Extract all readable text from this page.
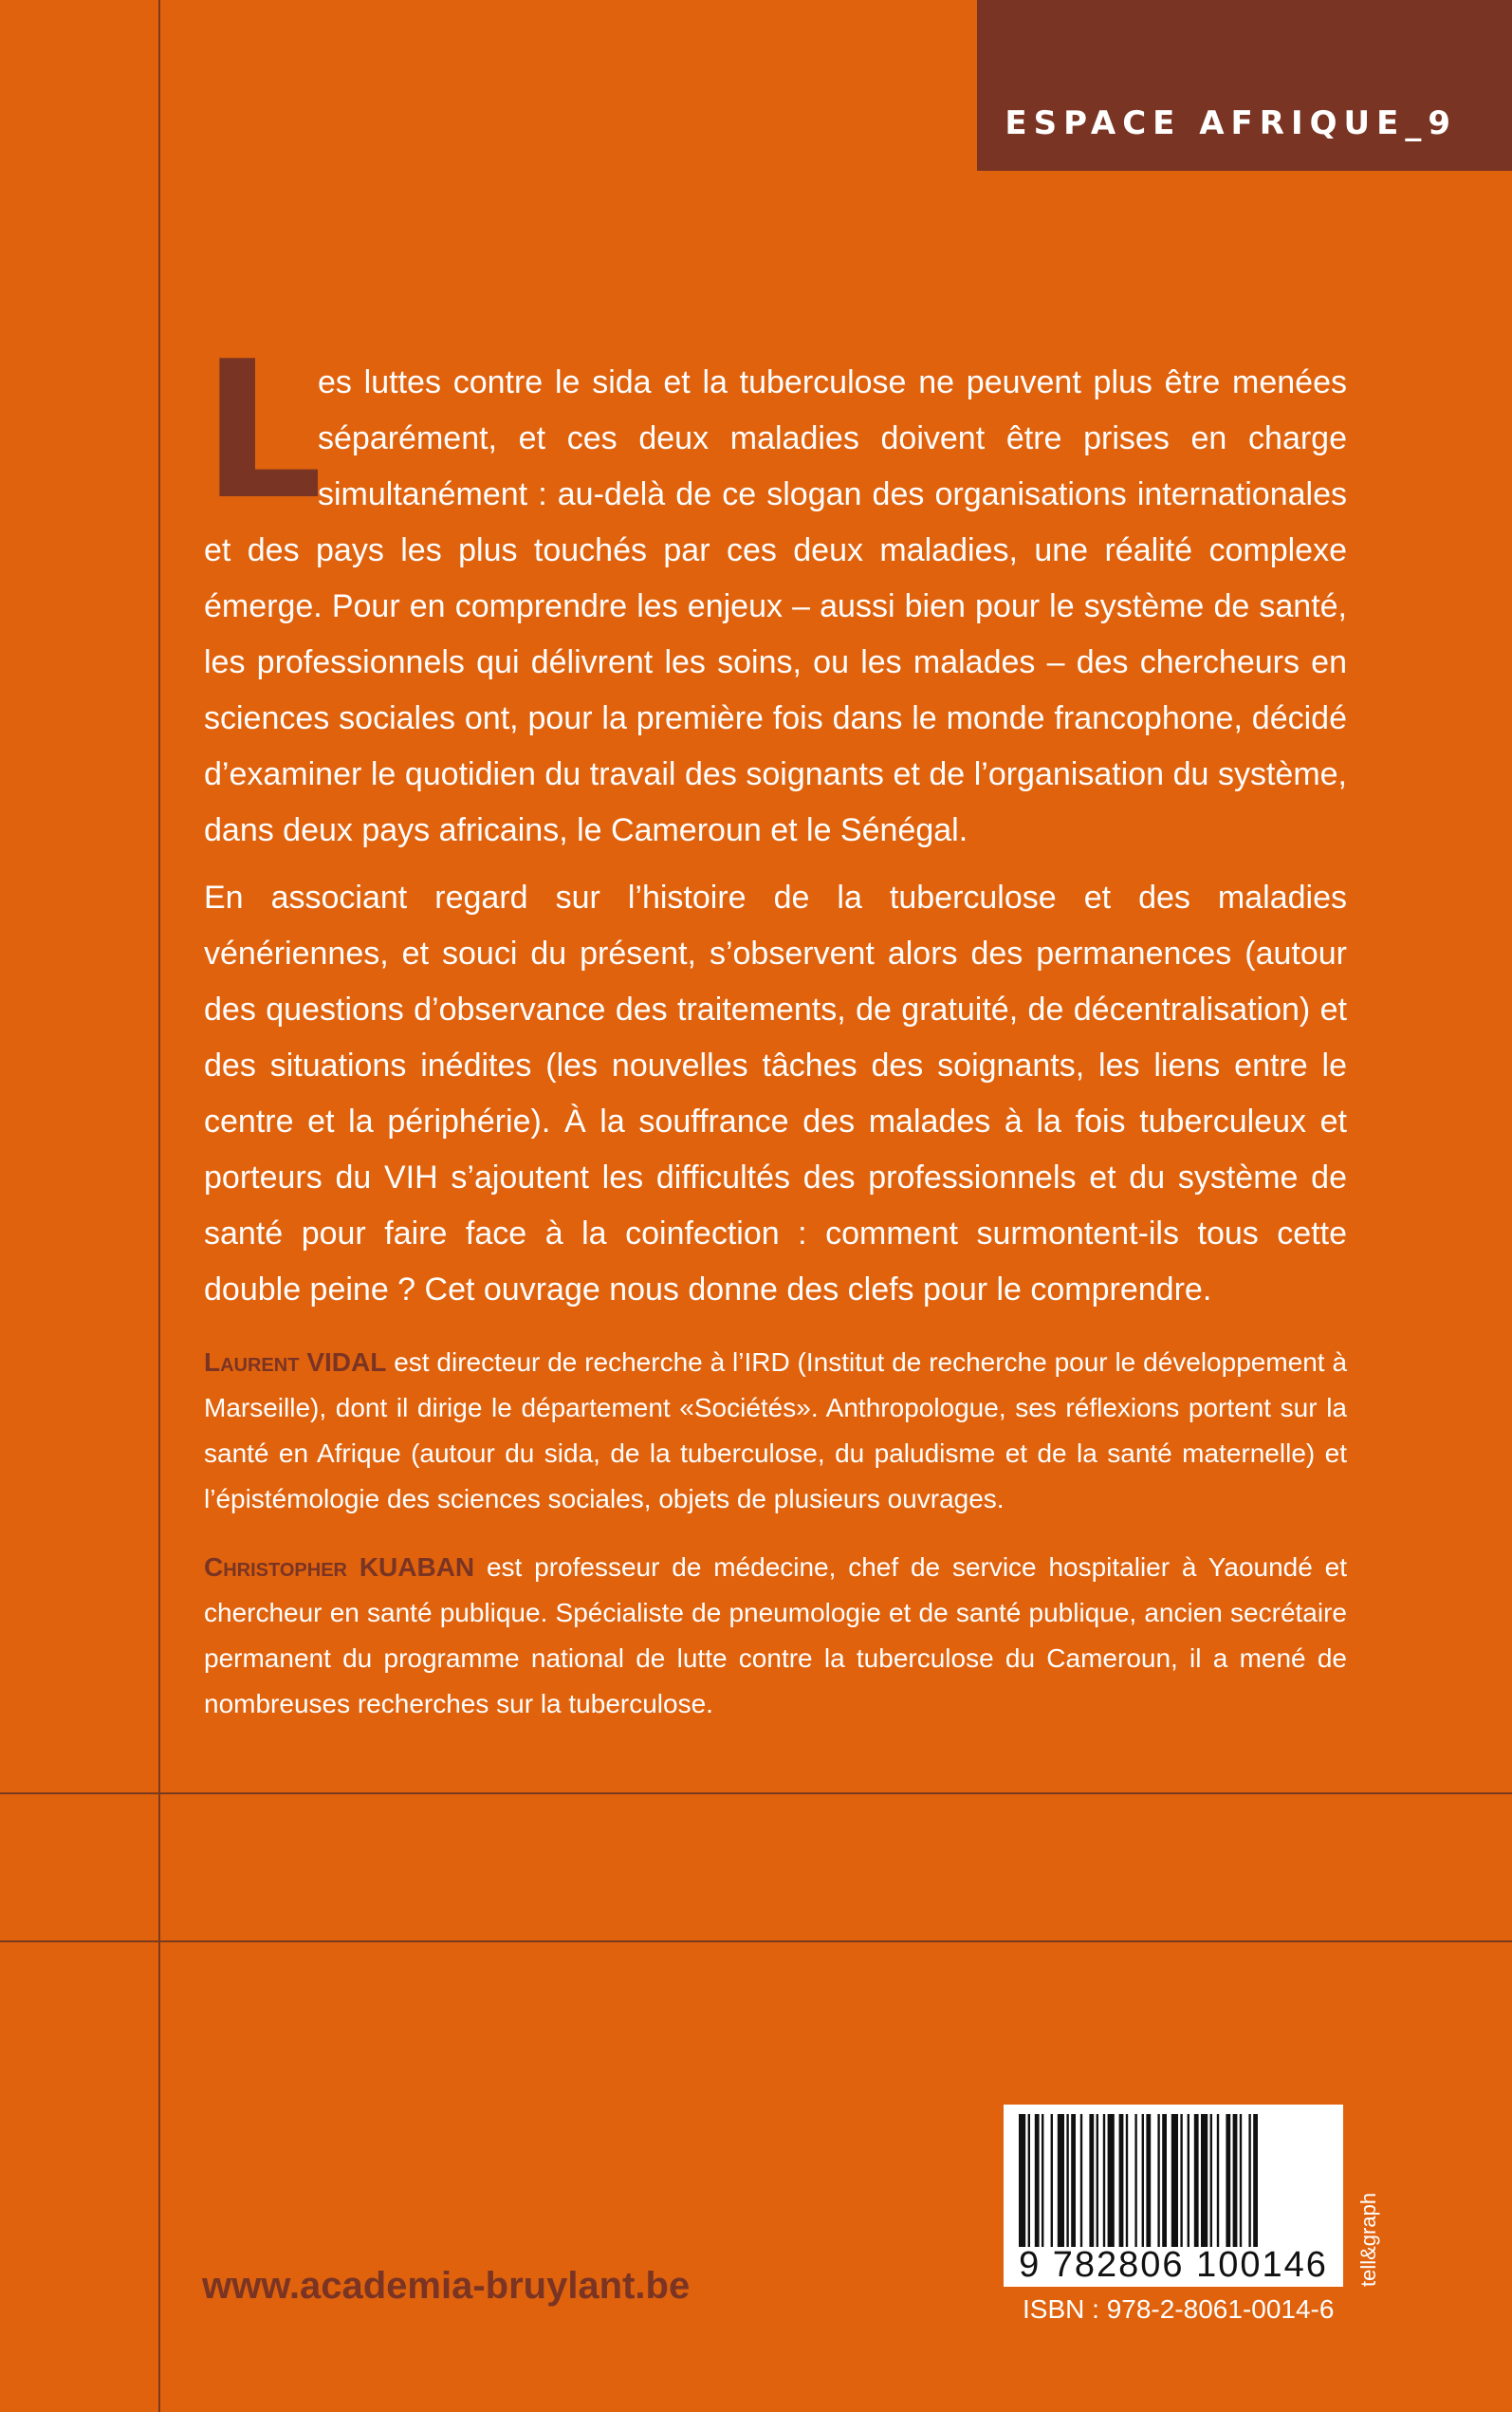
ESPACE AFRIQUE_9
L
es luttes contre le sida et la tuberculose ne peuvent plus être menées séparément, et ces deux maladies doivent être prises en charge simultanément : au-delà de ce slogan des organisations internationales et des pays les plus touchés par ces deux maladies, une réalité complexe émerge. Pour en comprendre les enjeux – aussi bien pour le système de santé, les professionnels qui délivrent les soins, ou les malades – des chercheurs en sciences sociales ont, pour la première fois dans le monde francophone, décidé d’examiner le quotidien du travail des soignants et de l’organisation du système, dans deux pays africains, le Cameroun et le Sénégal.
En associant regard sur l’histoire de la tuberculose et des maladies vénériennes, et souci du présent, s’observent alors des permanences (autour des questions d’observance des traitements, de gratuité, de décentralisation) et des situations inédites (les nouvelles tâches des soignants, les liens entre le centre et la périphérie). À la souffrance des malades à la fois tuberculeux et porteurs du VIH s’ajoutent les difficultés des professionnels et du système de santé pour faire face à la coinfection : comment surmontent-ils tous cette double peine ? Cet ouvrage nous donne des clefs pour le comprendre.
Laurent VIDAL est directeur de recherche à l’IRD (Institut de recherche pour le développement à Marseille), dont il dirige le département «Sociétés». Anthropologue, ses réflexions portent sur la santé en Afrique (autour du sida, de la tuberculose, du paludisme et de la santé maternelle) et l’épistémologie des sciences sociales, objets de plusieurs ouvrages.
Christopher KUABAN est professeur de médecine, chef de service hospitalier à Yaoundé et chercheur en santé publique. Spécialiste de pneumologie et de santé publique, ancien secrétaire permanent du programme national de lutte contre la tuberculose du Cameroun, il a mené de nombreuses recherches sur la tuberculose.
www.academia-bruylant.be	9 782806 100146
ISBN : 978-2-8061-0014-6
tell&graph
